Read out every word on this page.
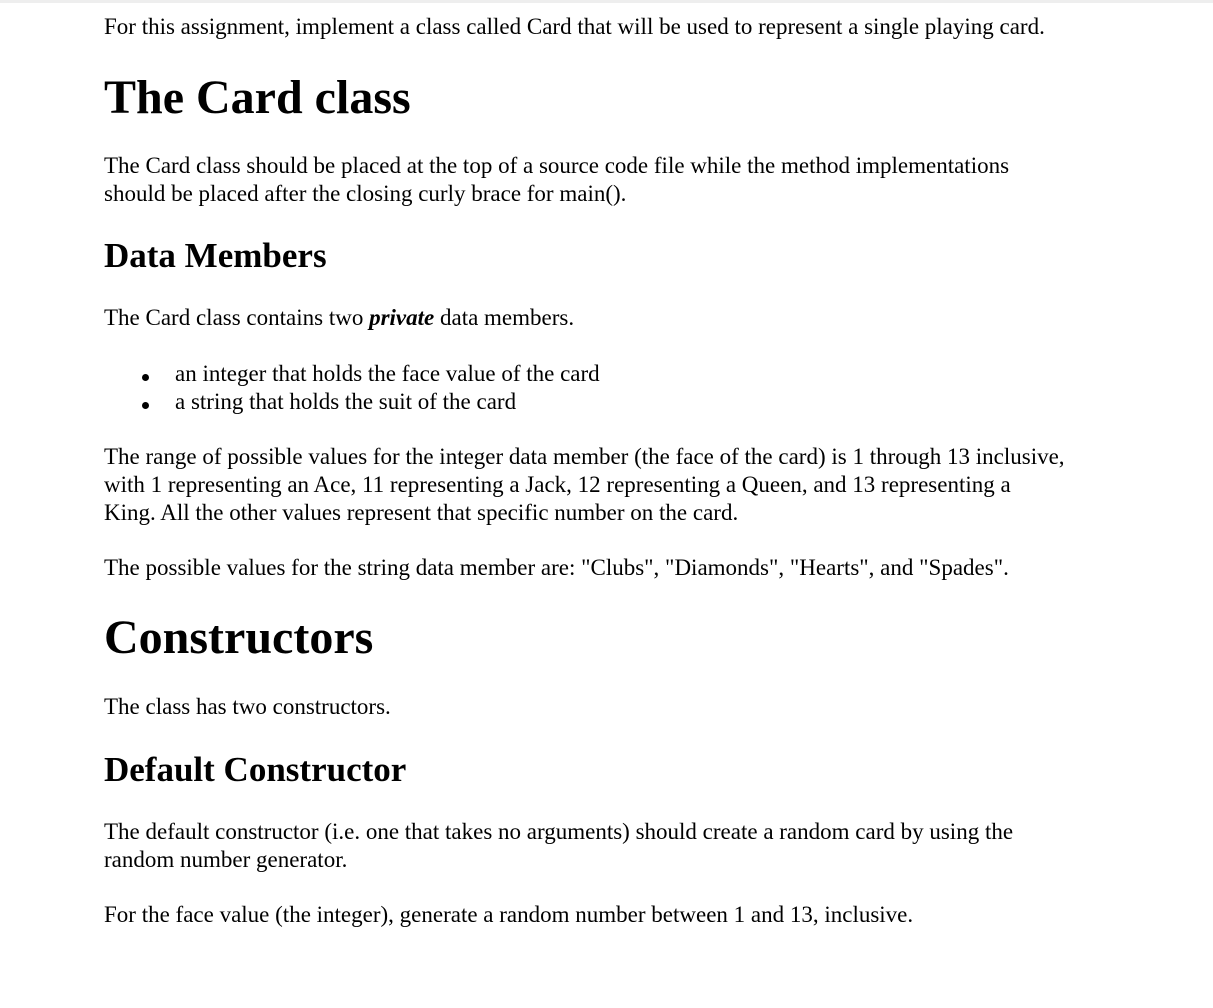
For this assignment, implement a class called Card that will be used to represent a single playing card.

The Card class

The Card class should be placed at the top of a source code file while the method implementations

should be placed after the closing curly brace for main().

Data Members

The Card class contains two private data members.

an integer that holds the face value of the card

a string that holds the suit of the card

The range of possible values for the integer data member (the face of the card) is 1 through 13 inclusive,

with 1 representing an Ace, 11 representing a Jack, 12 representing a Queen, and 13 representing a

King. All the other values represent that specific number on the card.

The possible values for the string data member are: "Clubs", "Diamonds", "Hearts", and "Spades".

Constructors

The class has two constructors.

Default Constructor

The default constructor (i.e. one that takes no arguments) should create a random card by using the

random number generator.

For the face value (the integer), generate a random number between 1 and 13, inclusive.
